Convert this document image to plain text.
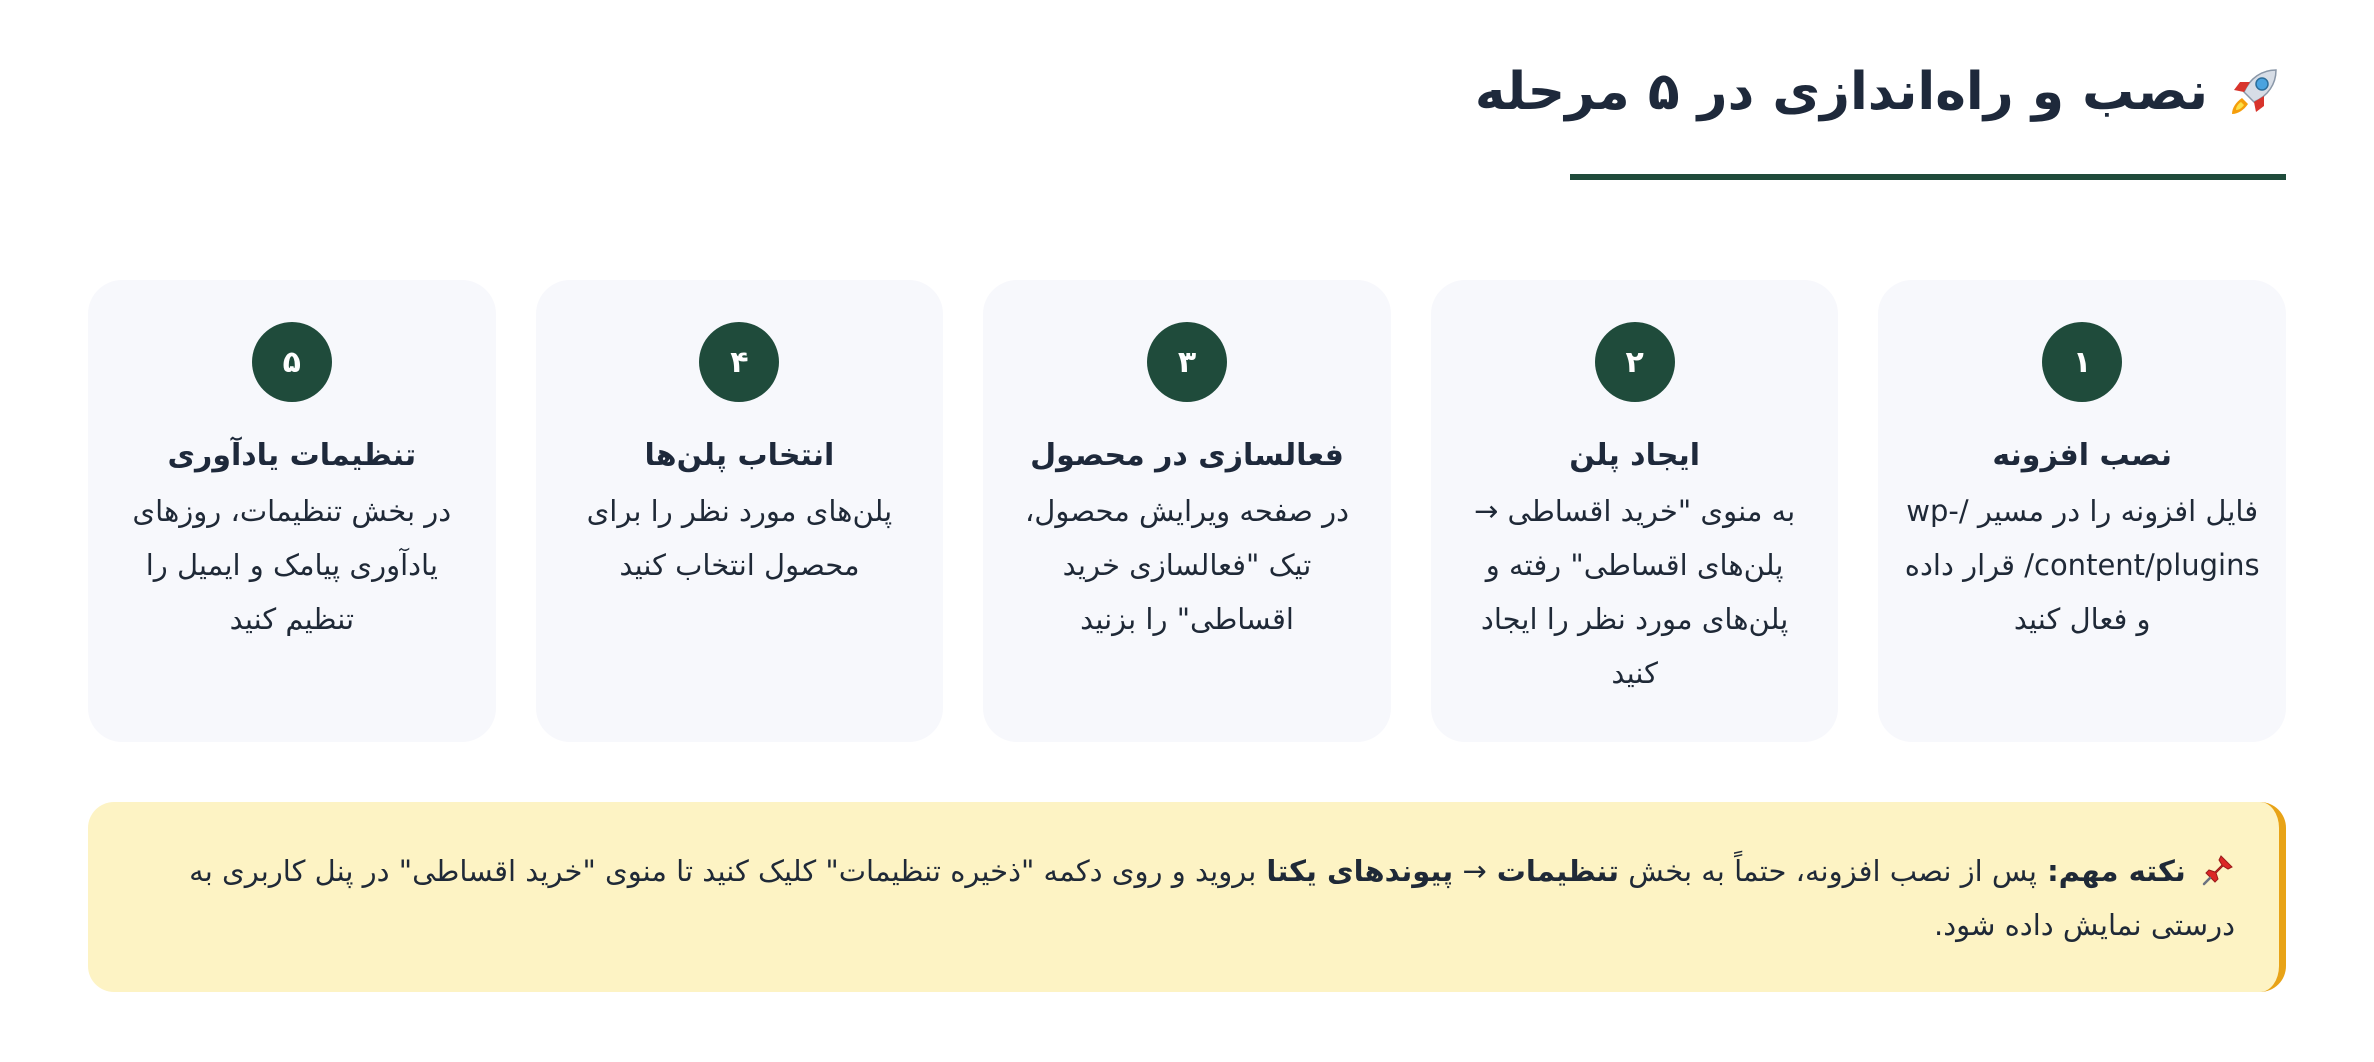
نصب و راه‌اندازی در ۵ مرحله
۱
نصب افزونه
فایل افزونه را در مسیر /wp-content/plugins/ قرار داده و فعال کنید
۲
ایجاد پلن
به منوی "خرید اقساطی → پلن‌های اقساطی" رفته و پلن‌های مورد نظر را ایجاد کنید
۳
فعالسازی در محصول
در صفحه ویرایش محصول، تیک "فعالسازی خرید اقساطی" را بزنید
۴
انتخاب پلن‌ها
پلن‌های مورد نظر را برای محصول انتخاب کنید
۵
تنظیمات یادآوری
در بخش تنظیمات، روزهای یادآوری پیامک و ایمیل را تنظیم کنید
نکته مهم: پس از نصب افزونه، حتماً به بخش تنظیمات → پیوندهای یکتا بروید و روی دکمه "ذخیره تنظیمات" کلیک کنید تا منوی "خرید اقساطی" در پنل کاربری به درستی نمایش داده شود.
